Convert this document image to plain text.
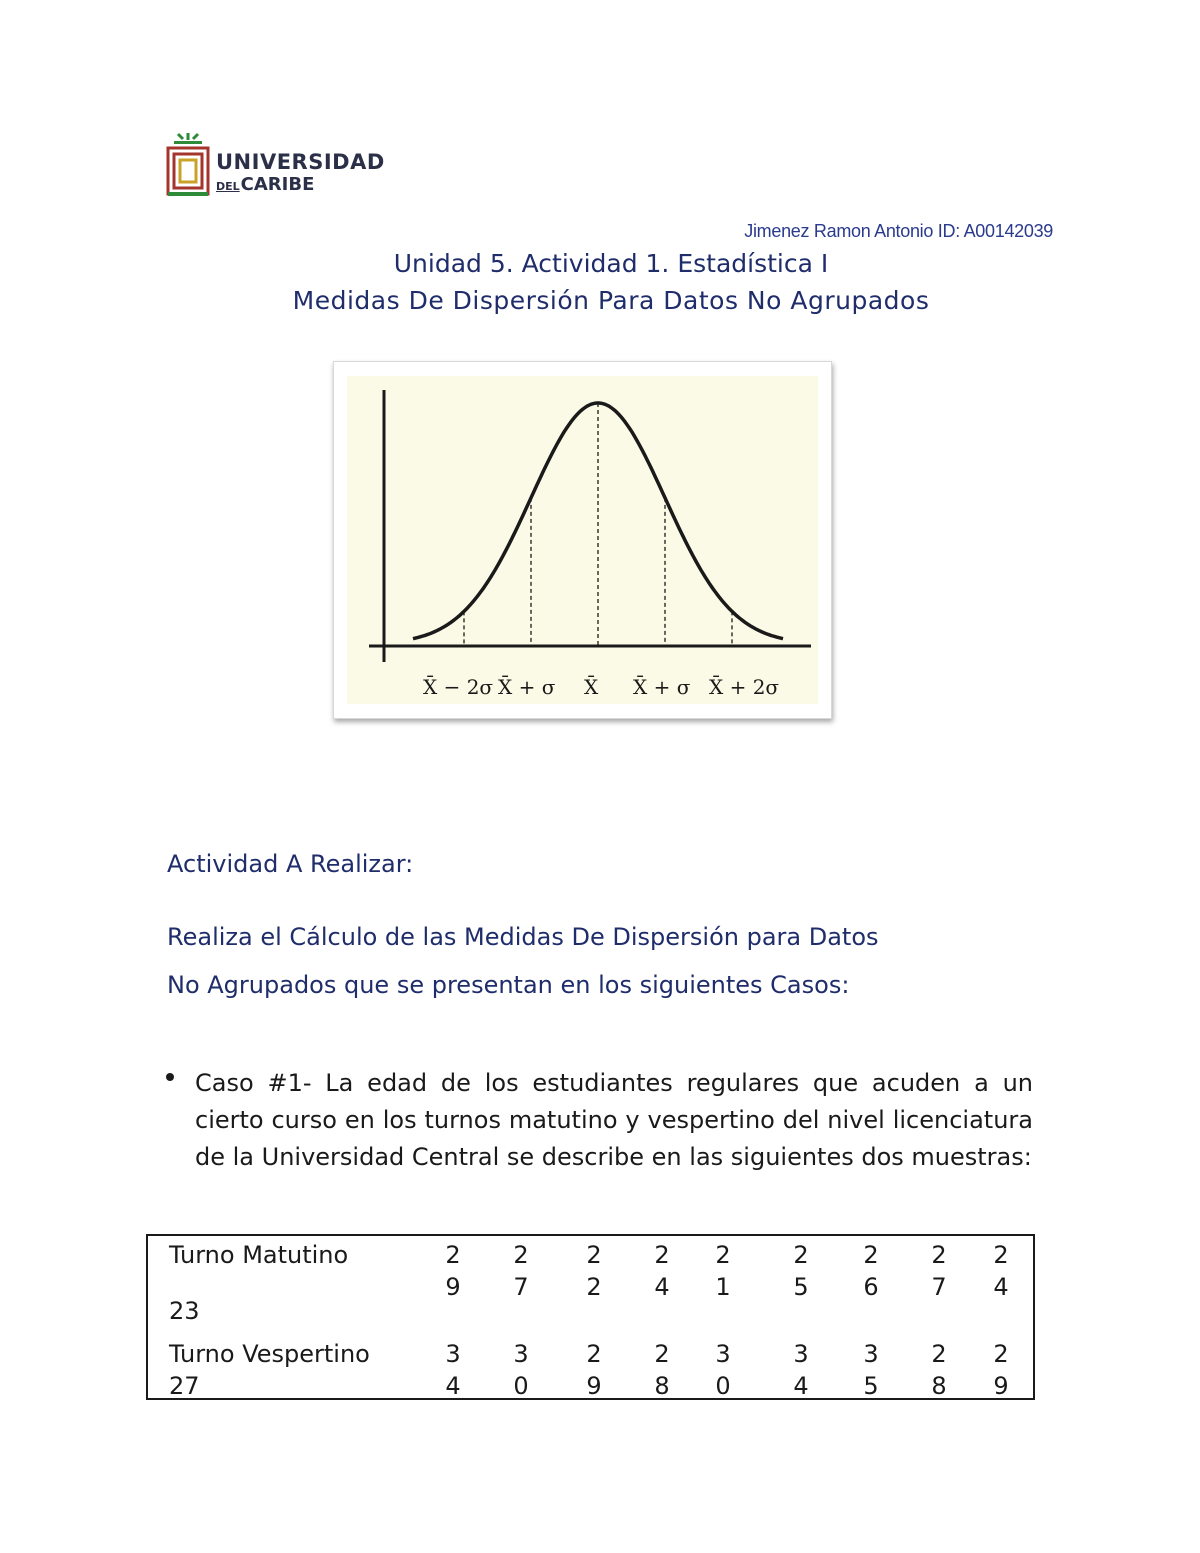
UNIVERSIDAD
DELCARIBE
Jimenez Ramon Antonio ID: A00142039
Unidad 5. Actividad 1. Estadística I
Medidas De Dispersión Para Datos No Agrupados
X̄ − 2σ X̄ + σ X̄ X̄ + σ X̄ + 2σ
Actividad A Realizar:
Realiza el Cálculo de las Medidas De Dispersión para Datos
No Agrupados que se presentan en los siguientes Casos:
Caso #1- La edad de los estudiantes regulares que acuden a un cierto curso en los turnos matutino y vespertino del nivel licenciatura de la Universidad Central se describe en las siguientes dos muestras:
Turno Matutino
23
Turno Vespertino
27
2
9
2
7
2
2
2
4
2
1
2
5
2
6
2
7
2
4
3
4
3
0
2
9
2
8
3
0
3
4
3
5
2
8
2
9
